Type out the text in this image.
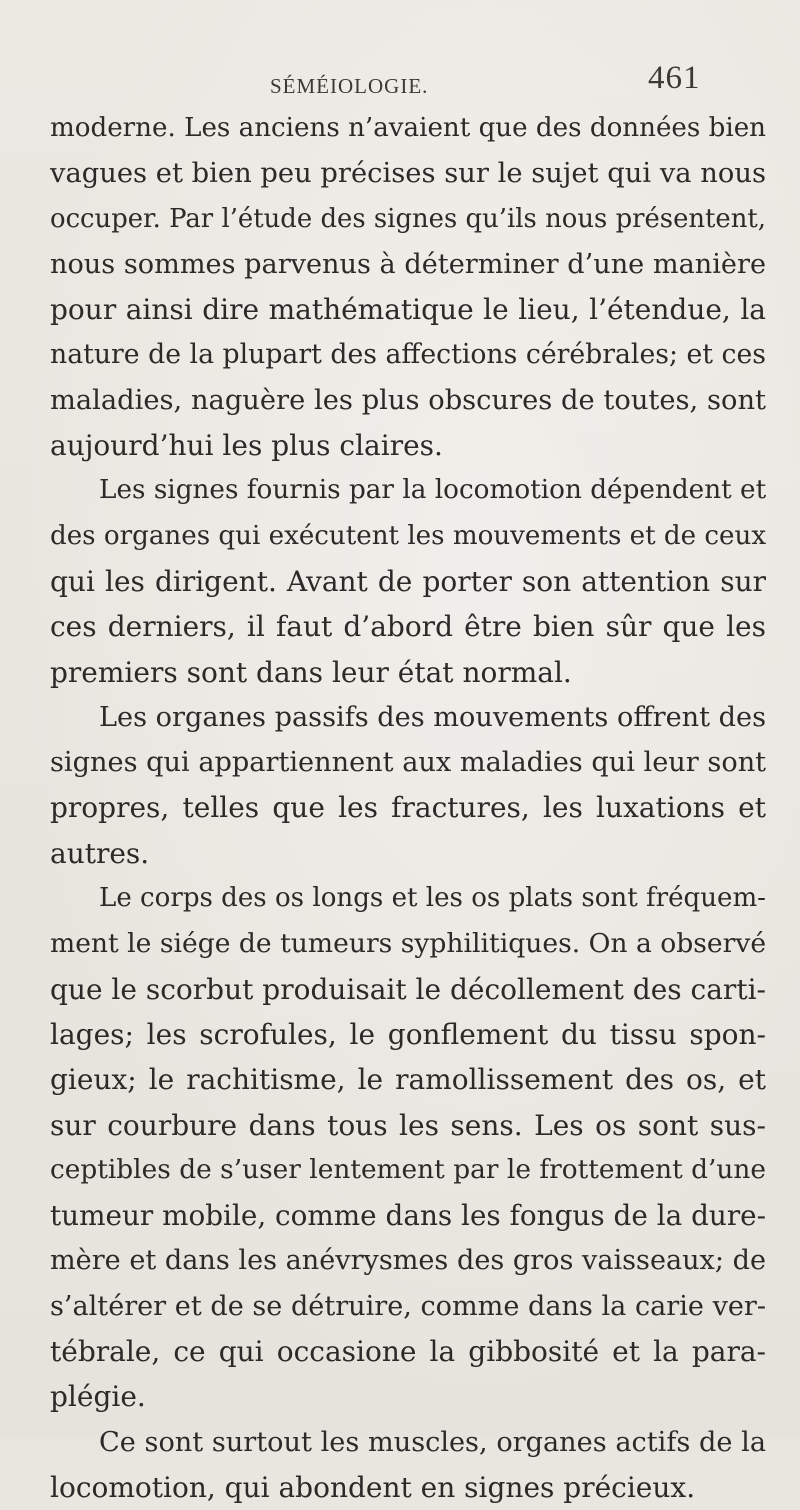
SÉMÉIOLOGIE.	461
moderne. Les anciens n’avaient que des données bien
vagues et bien peu précises sur le sujet qui va nous
occuper. Par l’étude des signes qu’ils nous présentent,
nous sommes parvenus à déterminer d’une manière
pour ainsi dire mathématique le lieu, l’étendue, la
nature de la plupart des affections cérébrales; et ces
maladies, naguère les plus obscures de toutes, sont
aujourd’hui les plus claires.
Les signes fournis par la locomotion dépendent et
des organes qui exécutent les mouvements et de ceux
qui les dirigent. Avant de porter son attention sur
ces derniers, il faut d’abord être bien sûr que les
premiers sont dans leur état normal.
Les organes passifs des mouvements offrent des
signes qui appartiennent aux maladies qui leur sont
propres, telles que les fractures, les luxations et
autres.
Le corps des os longs et les os plats sont fréquem-
ment le siége de tumeurs syphilitiques. On a observé
que le scorbut produisait le décollement des carti-
lages; les scrofules, le gonflement du tissu spon-
gieux; le rachitisme, le ramollissement des os, et
sur courbure dans tous les sens. Les os sont sus-
ceptibles de s’user lentement par le frottement d’une
tumeur mobile, comme dans les fongus de la dure-
mère et dans les anévrysmes des gros vaisseaux; de
s’altérer et de se détruire, comme dans la carie ver-
tébrale, ce qui occasione la gibbosité et la para-
plégie.
Ce sont surtout les muscles, organes actifs de la
locomotion, qui abondent en signes précieux.
